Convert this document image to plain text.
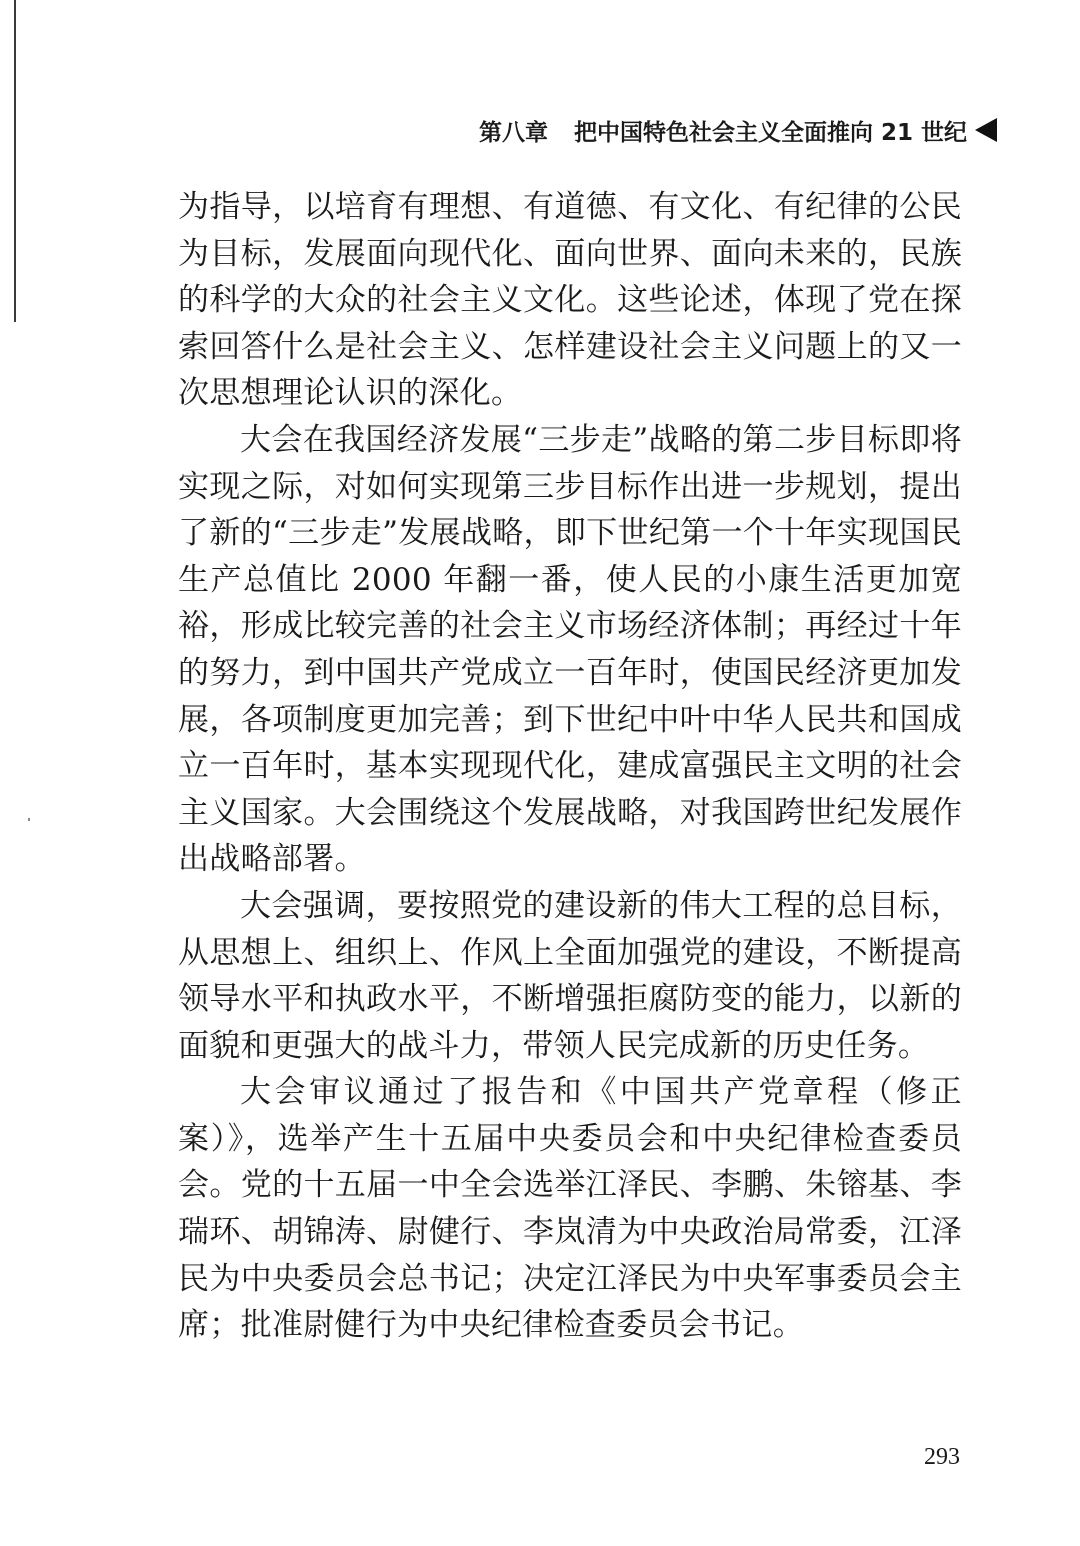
第八章 把中国特色社会主义全面推向 21 世纪

为指导，以培育有理想、有道德、有文化、有纪律的公民为目标，发展面向现代化、面向世界、面向未来的，民族的科学的大众的社会主义文化。这些论述，体现了党在探索回答什么是社会主义、怎样建设社会主义问题上的又一次思想理论认识的深化。

大会在我国经济发展“三步走”战略的第二步目标即将实现之际，对如何实现第三步目标作出进一步规划，提出了新的“三步走”发展战略，即下世纪第一个十年实现国民生产总值比 2000 年翻一番，使人民的小康生活更加宽裕，形成比较完善的社会主义市场经济体制；再经过十年的努力，到中国共产党成立一百年时，使国民经济更加发展，各项制度更加完善；到下世纪中叶中华人民共和国成立一百年时，基本实现现代化，建成富强民主文明的社会主义国家。大会围绕这个发展战略，对我国跨世纪发展作出战略部署。

大会强调，要按照党的建设新的伟大工程的总目标，从思想上、组织上、作风上全面加强党的建设，不断提高领导水平和执政水平，不断增强拒腐防变的能力，以新的面貌和更强大的战斗力，带领人民完成新的历史任务。

大会审议通过了报告和《中国共产党章程（修正案）》，选举产生十五届中央委员会和中央纪律检查委员会。党的十五届一中全会选举江泽民、李鹏、朱镕基、李瑞环、胡锦涛、尉健行、李岚清为中央政治局常委，江泽民为中央委员会总书记；决定江泽民为中央军事委员会主席；批准尉健行为中央纪律检查委员会书记。

293
